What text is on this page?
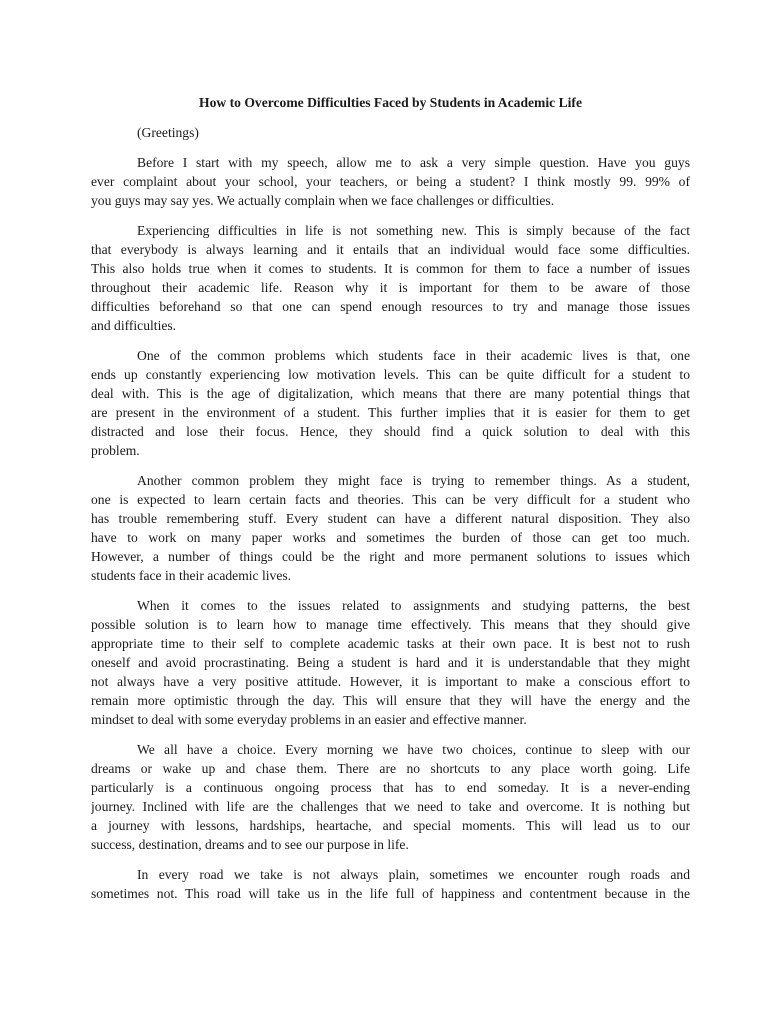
How to Overcome Difficulties Faced by Students in Academic Life
(Greetings)
Before I start with my speech, allow me to ask a very simple question. Have you guys
ever complaint about your school, your teachers, or being a student? I think mostly 99. 99% of
you guys may say yes. We actually complain when we face challenges or difficulties.
Experiencing difficulties in life is not something new. This is simply because of the fact
that everybody is always learning and it entails that an individual would face some difficulties.
This also holds true when it comes to students. It is common for them to face a number of issues
throughout their academic life. Reason why it is important for them to be aware of those
difficulties beforehand so that one can spend enough resources to try and manage those issues
and difficulties.
One of the common problems which students face in their academic lives is that, one
ends up constantly experiencing low motivation levels. This can be quite difficult for a student to
deal with. This is the age of digitalization, which means that there are many potential things that
are present in the environment of a student. This further implies that it is easier for them to get
distracted and lose their focus. Hence, they should find a quick solution to deal with this
problem.
Another common problem they might face is trying to remember things. As a student,
one is expected to learn certain facts and theories. This can be very difficult for a student who
has trouble remembering stuff. Every student can have a different natural disposition. They also
have to work on many paper works and sometimes the burden of those can get too much.
However, a number of things could be the right and more permanent solutions to issues which
students face in their academic lives.
When it comes to the issues related to assignments and studying patterns, the best
possible solution is to learn how to manage time effectively. This means that they should give
appropriate time to their self to complete academic tasks at their own pace. It is best not to rush
oneself and avoid procrastinating. Being a student is hard and it is understandable that they might
not always have a very positive attitude. However, it is important to make a conscious effort to
remain more optimistic through the day. This will ensure that they will have the energy and the
mindset to deal with some everyday problems in an easier and effective manner.
We all have a choice. Every morning we have two choices, continue to sleep with our
dreams or wake up and chase them. There are no shortcuts to any place worth going. Life
particularly is a continuous ongoing process that has to end someday. It is a never-ending
journey. Inclined with life are the challenges that we need to take and overcome. It is nothing but
a journey with lessons, hardships, heartache, and special moments. This will lead us to our
success, destination, dreams and to see our purpose in life.
In every road we take is not always plain, sometimes we encounter rough roads and
sometimes not. This road will take us in the life full of happiness and contentment because in the
